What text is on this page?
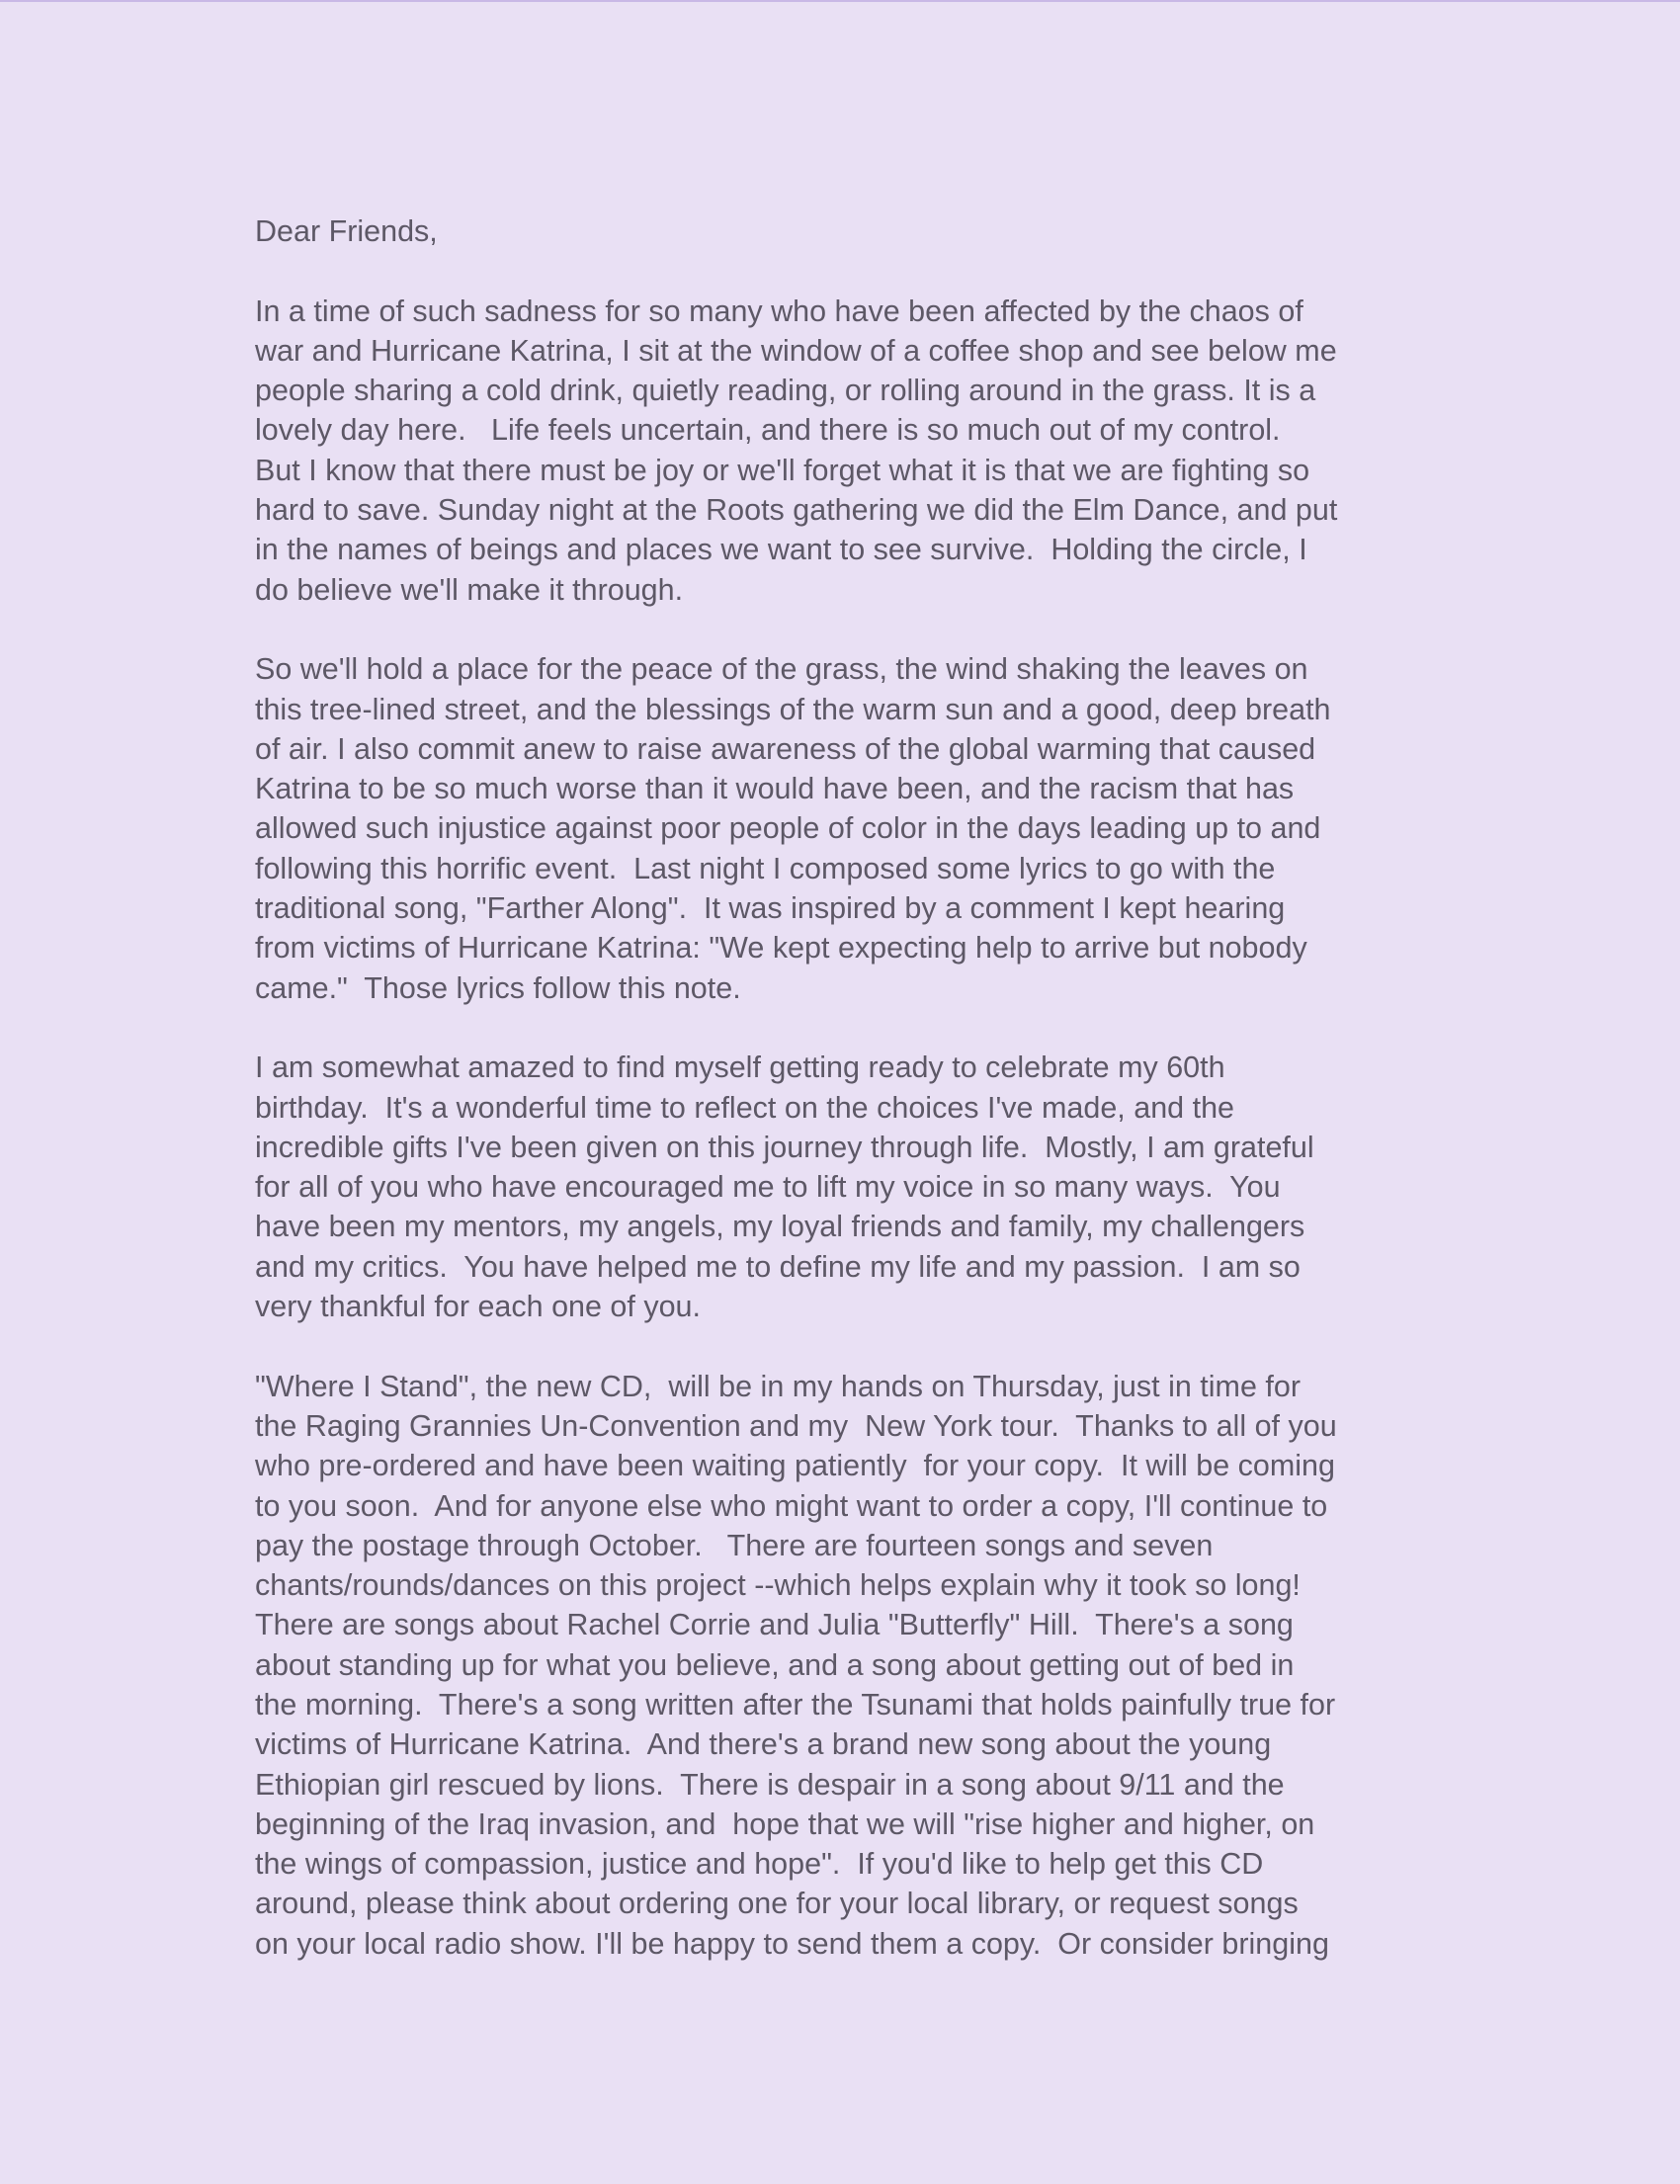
Dear Friends,
In a time of such sadness for so many who have been affected by the chaos of
war and Hurricane Katrina, I sit at the window of a coffee shop and see below me
people sharing a cold drink, quietly reading, or rolling around in the grass. It is a
lovely day here.   Life feels uncertain, and there is so much out of my control.
But I know that there must be joy or we'll forget what it is that we are fighting so
hard to save. Sunday night at the Roots gathering we did the Elm Dance, and put
in the names of beings and places we want to see survive.  Holding the circle, I
do believe we'll make it through.
So we'll hold a place for the peace of the grass, the wind shaking the leaves on
this tree-lined street, and the blessings of the warm sun and a good, deep breath
of air. I also commit anew to raise awareness of the global warming that caused
Katrina to be so much worse than it would have been, and the racism that has
allowed such injustice against poor people of color in the days leading up to and
following this horrific event.  Last night I composed some lyrics to go with the
traditional song, "Farther Along".  It was inspired by a comment I kept hearing
from victims of Hurricane Katrina: "We kept expecting help to arrive but nobody
came."  Those lyrics follow this note.
I am somewhat amazed to find myself getting ready to celebrate my 60th
birthday.  It's a wonderful time to reflect on the choices I've made, and the
incredible gifts I've been given on this journey through life.  Mostly, I am grateful
for all of you who have encouraged me to lift my voice in so many ways.  You
have been my mentors, my angels, my loyal friends and family, my challengers
and my critics.  You have helped me to define my life and my passion.  I am so
very thankful for each one of you.
"Where I Stand", the new CD,  will be in my hands on Thursday, just in time for
the Raging Grannies Un-Convention and my  New York tour.  Thanks to all of you
who pre-ordered and have been waiting patiently  for your copy.  It will be coming
to you soon.  And for anyone else who might want to order a copy, I'll continue to
pay the postage through October.   There are fourteen songs and seven
chants/rounds/dances on this project --which helps explain why it took so long!
There are songs about Rachel Corrie and Julia "Butterfly" Hill.  There's a song
about standing up for what you believe, and a song about getting out of bed in
the morning.  There's a song written after the Tsunami that holds painfully true for
victims of Hurricane Katrina.  And there's a brand new song about the young
Ethiopian girl rescued by lions.  There is despair in a song about 9/11 and the
beginning of the Iraq invasion, and  hope that we will "rise higher and higher, on
the wings of compassion, justice and hope".  If you'd like to help get this CD
around, please think about ordering one for your local library, or request songs
on your local radio show. I'll be happy to send them a copy.  Or consider bringing
